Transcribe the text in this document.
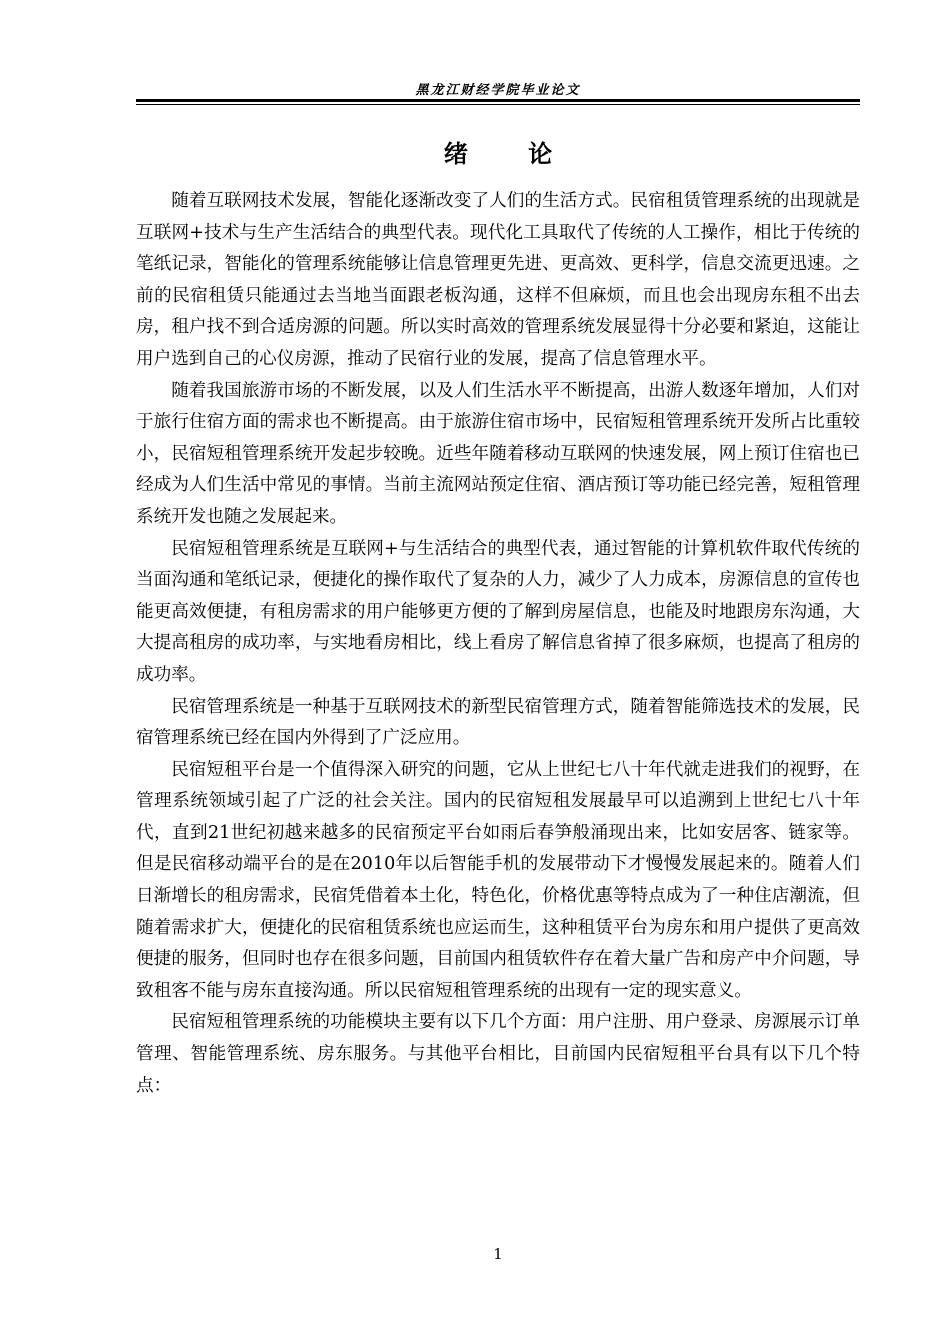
黑龙江财经学院毕业论文
绪 论

随着互联网技术发展，智能化逐渐改变了人们的生活方式。民宿租赁管理系统的出现就是互联网+技术与生产生活结合的典型代表。现代化工具取代了传统的人工操作，相比于传统的笔纸记录，智能化的管理系统能够让信息管理更先进、更高效、更科学，信息交流更迅速。之前的民宿租赁只能通过去当地当面跟老板沟通，这样不但麻烦，而且也会出现房东租不出去房，租户找不到合适房源的问题。所以实时高效的管理系统发展显得十分必要和紧迫，这能让用户选到自己的心仪房源，推动了民宿行业的发展，提高了信息管理水平。

随着我国旅游市场的不断发展，以及人们生活水平不断提高，出游人数逐年增加，人们对于旅行住宿方面的需求也不断提高。由于旅游住宿市场中，民宿短租管理系统开发所占比重较小，民宿短租管理系统开发起步较晚。近些年随着移动互联网的快速发展，网上预订住宿也已经成为人们生活中常见的事情。当前主流网站预定住宿、酒店预订等功能已经完善，短租管理系统开发也随之发展起来。

民宿短租管理系统是互联网+与生活结合的典型代表，通过智能的计算机软件取代传统的当面沟通和笔纸记录，便捷化的操作取代了复杂的人力，减少了人力成本，房源信息的宣传也能更高效便捷，有租房需求的用户能够更方便的了解到房屋信息，也能及时地跟房东沟通，大大提高租房的成功率，与实地看房相比，线上看房了解信息省掉了很多麻烦，也提高了租房的成功率。

民宿管理系统是一种基于互联网技术的新型民宿管理方式，随着智能筛选技术的发展，民宿管理系统已经在国内外得到了广泛应用。

民宿短租平台是一个值得深入研究的问题，它从上世纪七八十年代就走进我们的视野，在管理系统领域引起了广泛的社会关注。国内的民宿短租发展最早可以追溯到上世纪七八十年代，直到21世纪初越来越多的民宿预定平台如雨后春笋般涌现出来，比如安居客、链家等。但是民宿移动端平台的是在2010年以后智能手机的发展带动下才慢慢发展起来的。随着人们日渐增长的租房需求，民宿凭借着本土化，特色化，价格优惠等特点成为了一种住店潮流，但随着需求扩大，便捷化的民宿租赁系统也应运而生，这种租赁平台为房东和用户提供了更高效便捷的服务，但同时也存在很多问题，目前国内租赁软件存在着大量广告和房产中介问题，导致租客不能与房东直接沟通。所以民宿短租管理系统的出现有一定的现实意义。

民宿短租管理系统的功能模块主要有以下几个方面：用户注册、用户登录、房源展示订单管理、智能管理系统、房东服务。与其他平台相比，目前国内民宿短租平台具有以下几个特点：

1
